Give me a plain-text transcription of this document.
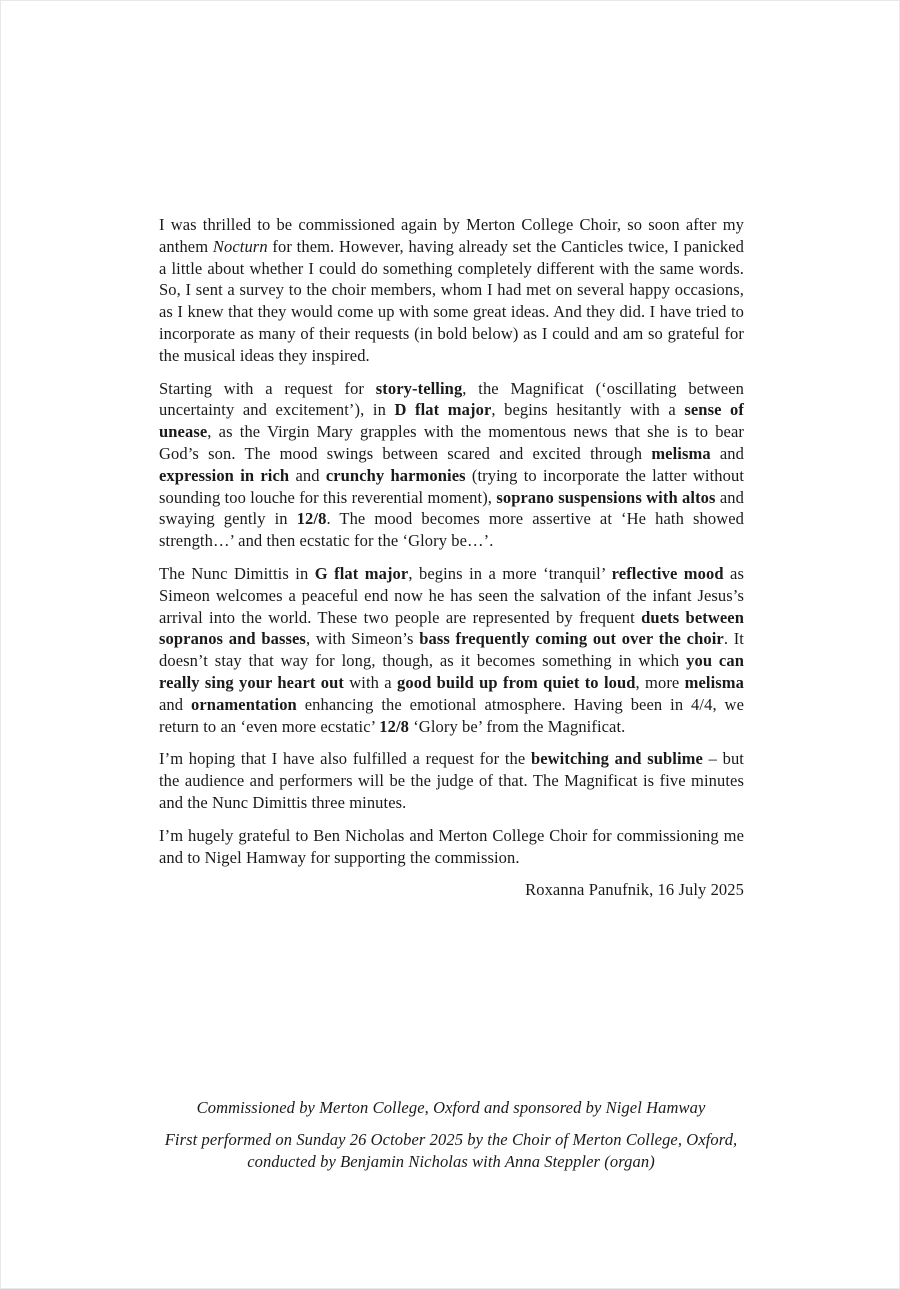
I was thrilled to be commissioned again by Merton College Choir, so soon after my anthem Nocturn for them. However, having already set the Canticles twice, I panicked a little about whether I could do something completely different with the same words. So, I sent a survey to the choir members, whom I had met on several happy occasions, as I knew that they would come up with some great ideas. And they did. I have tried to incorporate as many of their requests (in bold below) as I could and am so grateful for the musical ideas they inspired.

Starting with a request for story-telling, the Magnificat (‘oscillating between uncertainty and excitement’), in D flat major, begins hesitantly with a sense of unease, as the Virgin Mary grapples with the momentous news that she is to bear God’s son. The mood swings between scared and excited through melisma and expression in rich and crunchy harmonies (trying to incorporate the latter without sounding too louche for this reverential moment), soprano suspensions with altos and swaying gently in 12/8. The mood becomes more assertive at ‘He hath showed strength…’ and then ecstatic for the ‘Glory be…’.

The Nunc Dimittis in G flat major, begins in a more ‘tranquil’ reflective mood as Simeon welcomes a peaceful end now he has seen the salvation of the infant Jesus’s arrival into the world. These two people are represented by frequent duets between sopranos and basses, with Simeon’s bass frequently coming out over the choir. It doesn’t stay that way for long, though, as it becomes something in which you can really sing your heart out with a good build up from quiet to loud, more melisma and ornamentation enhancing the emotional atmosphere. Having been in 4/4, we return to an ‘even more ecstatic’ 12/8 ‘Glory be’ from the Magnificat.

I’m hoping that I have also fulfilled a request for the bewitching and sublime – but the audience and performers will be the judge of that. The Magnificat is five minutes and the Nunc Dimittis three minutes.

I’m hugely grateful to Ben Nicholas and Merton College Choir for commissioning me and to Nigel Hamway for supporting the commission.

Roxanna Panufnik, 16 July 2025

Commissioned by Merton College, Oxford and sponsored by Nigel Hamway

First performed on Sunday 26 October 2025 by the Choir of Merton College, Oxford,
conducted by Benjamin Nicholas with Anna Steppler (organ)
